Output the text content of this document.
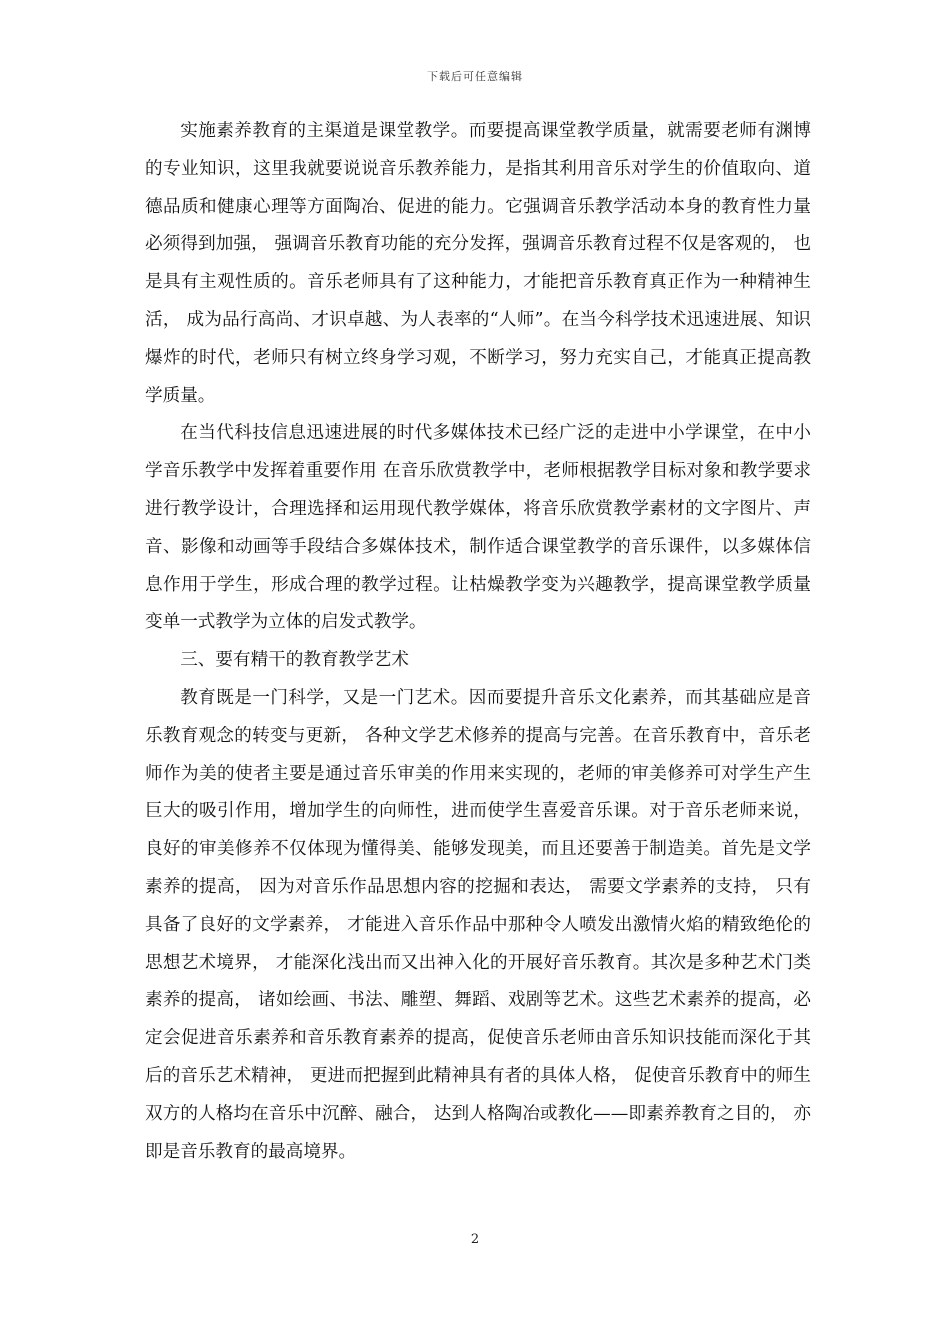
下载后可任意编辑

实施素养教育的主渠道是课堂教学。而要提高课堂教学质量，就需要老师有渊博的专业知识，这里我就要说说音乐教养能力，是指其利用音乐对学生的价值取向、道德品质和健康心理等方面陶冶、促进的能力。它强调音乐教学活动本身的教育性力量必须得到加强， 强调音乐教育功能的充分发挥，强调音乐教育过程不仅是客观的， 也是具有主观性质的。音乐老师具有了这种能力，才能把音乐教育真正作为一种精神生活， 成为品行高尚、才识卓越、为人表率的“人师”。在当今科学技术迅速进展、知识爆炸的时代，老师只有树立终身学习观，不断学习，努力充实自己，才能真正提高教学质量。

在当代科技信息迅速进展的时代多媒体技术已经广泛的走进中小学课堂，在中小学音乐教学中发挥着重要作用 在音乐欣赏教学中，老师根据教学目标对象和教学要求进行教学设计，合理选择和运用现代教学媒体，将音乐欣赏教学素材的文字图片、声音、影像和动画等手段结合多媒体技术，制作适合课堂教学的音乐课件，以多媒体信息作用于学生，形成合理的教学过程。让枯燥教学变为兴趣教学，提高课堂教学质量变单一式教学为立体的启发式教学。

三、要有精干的教育教学艺术

教育既是一门科学，又是一门艺术。因而要提升音乐文化素养，而其基础应是音乐教育观念的转变与更新， 各种文学艺术修养的提高与完善。在音乐教育中，音乐老师作为美的使者主要是通过音乐审美的作用来实现的，老师的审美修养可对学生产生巨大的吸引作用，增加学生的向师性，进而使学生喜爱音乐课。对于音乐老师来说，良好的审美修养不仅体现为懂得美、能够发现美，而且还要善于制造美。首先是文学素养的提高， 因为对音乐作品思想内容的挖掘和表达， 需要文学素养的支持， 只有具备了良好的文学素养， 才能进入音乐作品中那种令人喷发出激情火焰的精致绝伦的思想艺术境界， 才能深化浅出而又出神入化的开展好音乐教育。其次是多种艺术门类素养的提高， 诸如绘画、书法、雕塑、舞蹈、戏剧等艺术。这些艺术素养的提高，必定会促进音乐素养和音乐教育素养的提高，促使音乐老师由音乐知识技能而深化于其后的音乐艺术精神， 更进而把握到此精神具有者的具体人格， 促使音乐教育中的师生双方的人格均在音乐中沉醉、融合， 达到人格陶冶或教化——即素养教育之目的， 亦即是音乐教育的最高境界。

2
